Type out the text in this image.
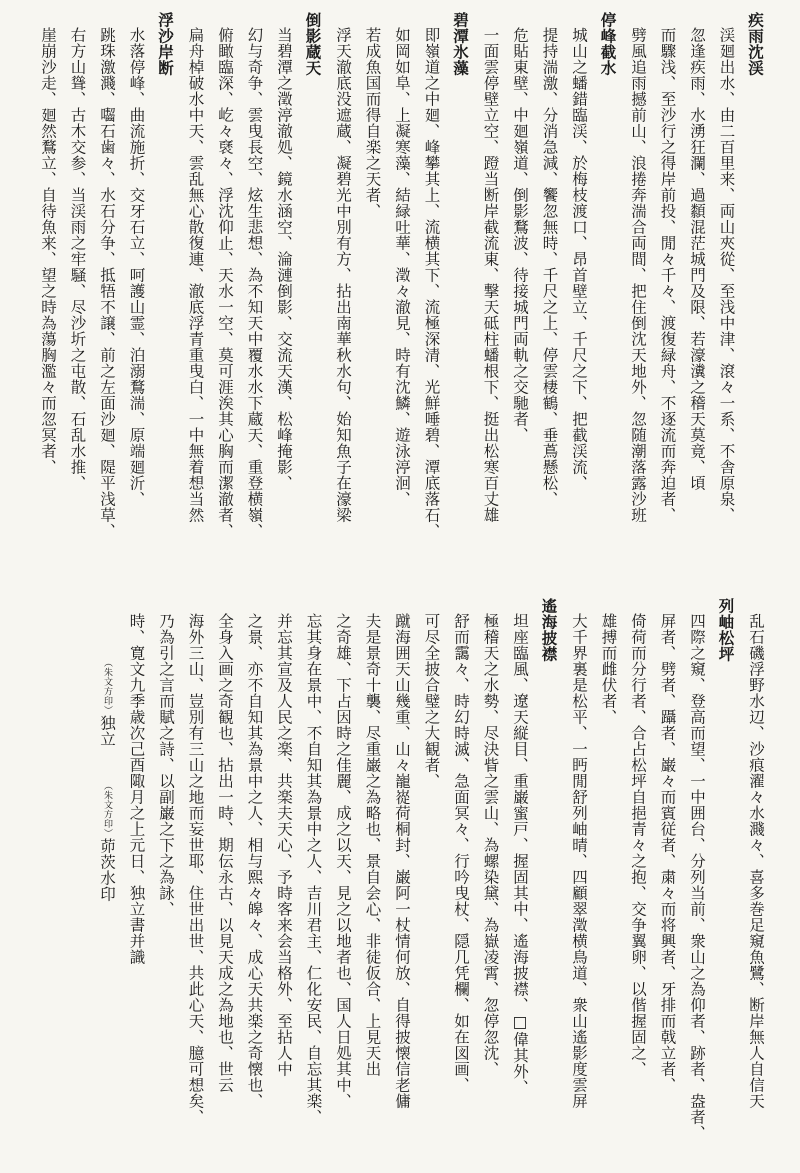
疾雨沈渓
渓廻出水、由二百里来、両山夾從、至浅中津、滾々一系、不舎原泉、
忽逢疾雨、水湧狂瀾、過纇混茫城門及限、若濠瀵之稽天莫竟、頃
而驟浅、至沙行之得岸前投、閒々千々、渡復緑舟、不逐流而奔迫者、
劈風追雨撼前山、浪捲奔湍合両間、把住倒沈天地外、忽随潮落露沙班
停峰截水
城山之蟠錯臨渓、於梅枝渡口、昂首壁立、千尺之下、把截渓流、
提持湍激、分消急減、饗忽無時、千尺之上、停雲棲鶴、垂蔦懸松、
危貼東壁、中廻嶺道、倒影鶩波、待接城門両軌之交馳者、
一面雲停壁立空、蹬当断岸截流東、撃天砥柱蟠根下、挺出松寒百丈雄
碧潭氷藻
即嶺道之中廻、峰攀其上、流横其下、流極深清、光鮮唾碧、潭底落石、
如岡如阜、上凝寒藻、結緑吐華、澂々澈見、時有沈鱗、遊泳渟洄、
若成魚国而得自楽之天者、
浮天澈底没遮蔵、凝碧光中別有方、拈出南華秋水句、始知魚子在濠梁
倒影蔵天
当碧潭之澂渟澈処、鏡水涵空、淪漣倒影、交流天漢、松峰掩影、
幻与奇争、雲曳長空、炫生悲想、為不知天中覆水水下蔵天、重登横嶺、
俯瞰臨深、屹々褎々、浮沈仰止、天水一空、莫可涯涘其心胸而潔澈者、
扁舟棹破水中天、雲乱無心散復連、澈底浮青重曳白、一中無着想当然
浮沙岸断
水落停峰、曲流施折、交牙石立、呵護山霊、泊溺鶩湍、原端廻沂、
跳珠激濺、囓石歯々、水石分争、抵牾不譲、前之左面沙廻、隄平浅草、
右方山聳、古木交参、当渓雨之牢騒、尽沙圻之屯散、石乱水推、
崖崩沙走、廻然鶩立、自待魚来、望之時為蕩胸濫々而忽冥者、
乱石磯浮野水辺、沙痕濯々水濺々、喜多巻足窺魚鷺、断岸無人自信天
列岫松坪
四際之窺、登高而望、一中囲台、分列当前、衆山之為仰者、跡者、盎者、
屏者、劈者、躡者、巌々而賓従者、粛々而将興者、牙排而戟立者、
倚荷而分行者、合占松坪自挹青々之抱、交争翼卵、以偕握固之、
雄搏而雌伏者、
大千界裏是松平、一眄閒舒列岫晴、四顧翠澂横鳥道、衆山遙影度雲屏
遙海披襟
坦座臨風、遼天縦目、重巌蜜戸、握固其中、遙海披襟、□偉其外、
極稽天之水勢、尽決眥之雲山、為螺染黛、為嶽凌霄、忽停忽沈、
舒而靄々、時幻時滅、急面冥々、行吟曳杖、隠几凭欄、如在図画、
可尽全披合璧之大観者、
蹴海囲天山幾重、山々巃嵸荷桐封、巌阿一杖情何放、自得披懐信老傭
夫是景奇十襲、尽重巌之為略也、景自会心、非徒仮合、上見天出
之奇雄、下占因時之佳麗、成之以天、見之以地者也、国人日処其中、
忘其身在景中、不自知其為景中之人、吉川君主、仁化安民、自忘其楽、
并忘其宣及人民之楽、共楽夫天心、予時客来会当格外、至拈人中
之景、亦不自知其為景中之人、相与熙々皞々、成心天共楽之奇懐也、
全身入画之奇観也、拈出一時、期伝永古、以見天成之為地也、世云
海外三山、豈別有三山之地而妄世耶、住世出世、共此心天、臆可想矣、
乃為引之言而賦之詩、以副巌之下之為詠、
時、寛文九季歳次己酉陬月之上元日、独立書并識
（朱文方印）独立（朱文方印）茆茨水印
